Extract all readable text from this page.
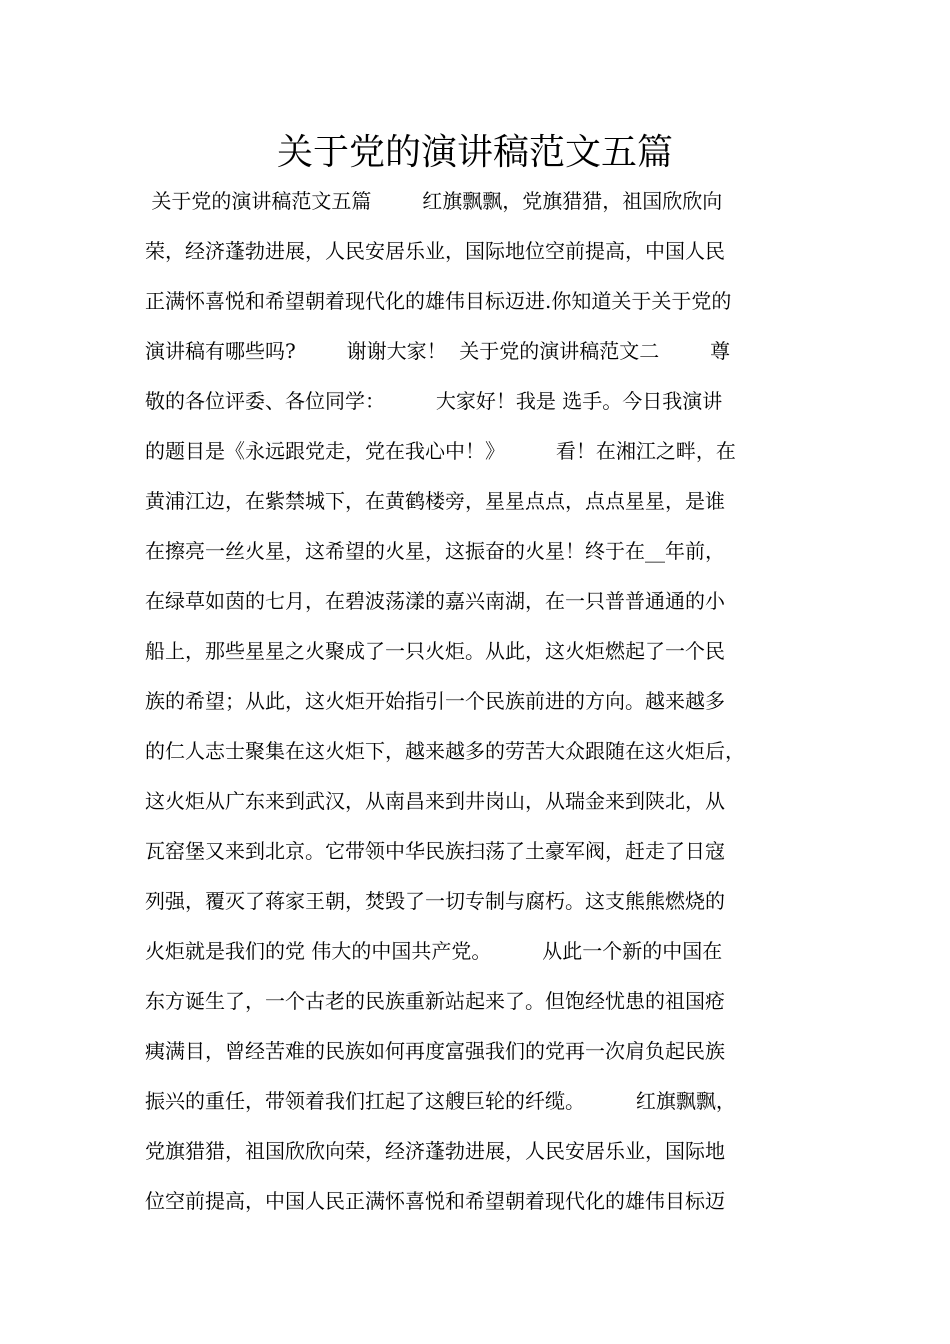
关于党的演讲稿范文五篇
关于党的演讲稿范文五篇        红旗飘飘，党旗猎猎，祖国欣欣向
荣，经济蓬勃进展，人民安居乐业，国际地位空前提高，中国人民
正满怀喜悦和希望朝着现代化的雄伟目标迈进.你知道关于关于党的
演讲稿有哪些吗?        谢谢大家！  关于党的演讲稿范文二        尊
敬的各位评委、各位同学：        大家好！我是 选手。今日我演讲
的题目是《永远跟党走，党在我心中！》        看！在湘江之畔，在
黄浦江边，在紫禁城下，在黄鹤楼旁，星星点点，点点星星，是谁
在擦亮一丝火星，这希望的火星，这振奋的火星！终于在__年前，
在绿草如茵的七月，在碧波荡漾的嘉兴南湖，在一只普普通通的小
船上，那些星星之火聚成了一只火炬。从此，这火炬燃起了一个民
族的希望；从此，这火炬开始指引一个民族前进的方向。越来越多
的仁人志士聚集在这火炬下，越来越多的劳苦大众跟随在这火炬后，
这火炬从广东来到武汉，从南昌来到井岗山，从瑞金来到陕北，从
瓦窑堡又来到北京。它带领中华民族扫荡了土豪军阀，赶走了日寇
列强，覆灭了蒋家王朝，焚毁了一切专制与腐朽。这支熊熊燃烧的
火炬就是我们的党 伟大的中国共产党。        从此一个新的中国在
东方诞生了，一个古老的民族重新站起来了。但饱经忧患的祖国疮
痍满目，曾经苦难的民族如何再度富强我们的党再一次肩负起民族
振兴的重任，带领着我们扛起了这艘巨轮的纤缆。        红旗飘飘，
党旗猎猎，祖国欣欣向荣，经济蓬勃进展，人民安居乐业，国际地
位空前提高，中国人民正满怀喜悦和希望朝着现代化的雄伟目标迈
